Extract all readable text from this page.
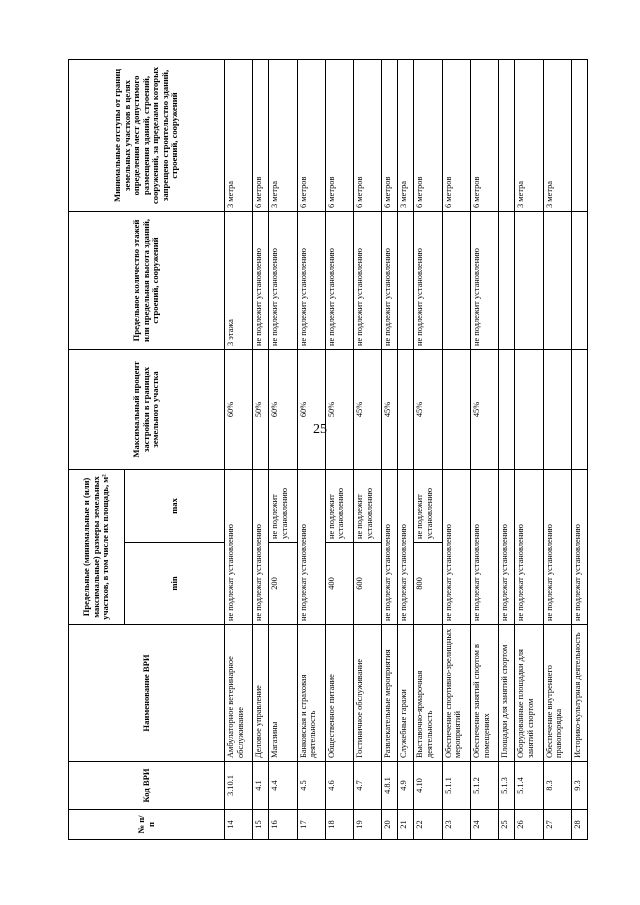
25
№ п/п	Код ВРИ	Наименование ВРИ	Предельные (минимальные и (или) максимальные) размеры земельных участков, в том числе их площадь, м²		Максимальный процент застройки в границах земельного участка	Предельное количество этажей или предельная высота зданий, строений, сооружений	Минимальные отступы от границ земельных участков в целях определения мест допустимого размещения зданий, строений, сооружений, за пределами которых запрещено строительство зданий, строений, сооружений
			min	max			
14	3.10.1	Амбулаторное ветеринарное обслуживание	не подлежат установлению		60%	3 этажа	3 метра
15	4.1	Деловое управление	не подлежат установлению		50%	не подлежит установлению	6 метров
16	4.4	Магазины	200	не подлежит установлению	60%	не подлежит установлению	3 метра
17	4.5	Банковская и страховая деятельность	не подлежат установлению		60%	не подлежит установлению	6 метров
18	4.6	Общественное питание	400	не подлежит установлению	50%	не подлежит установлению	6 метров
19	4.7	Гостиничное обслуживание	600	не подлежит установлению	45%	не подлежит установлению	6 метров
20	4.8.1	Развлекательные мероприятия	не подлежат установлению		45%	не подлежит установлению	6 метров
21	4.9	Служебные гаражи	не подлежат установлению				3 метра
22	4.10	Выставочно-ярмарочная деятельность	800	не подлежит установлению	45%	не подлежит установлению	6 метров
23	5.1.1	Обеспечение спортивно-зрелищных мероприятий	не подлежат установлению				6 метров
24	5.1.2	Обеспечение занятий спортом в помещениях	не подлежат установлению		45%	не подлежит установлению	6 метров
25	5.1.3	Площадки для занятий спортом	не подлежат установлению				
26	5.1.4	Оборудованные площадки для занятий спортом	не подлежат установлению				3 метра
27	8.3	Обеспечение внутреннего правопорядка	не подлежат установлению				3 метра
28	9.3	Историко-культурная деятельность	не подлежат установлению				
